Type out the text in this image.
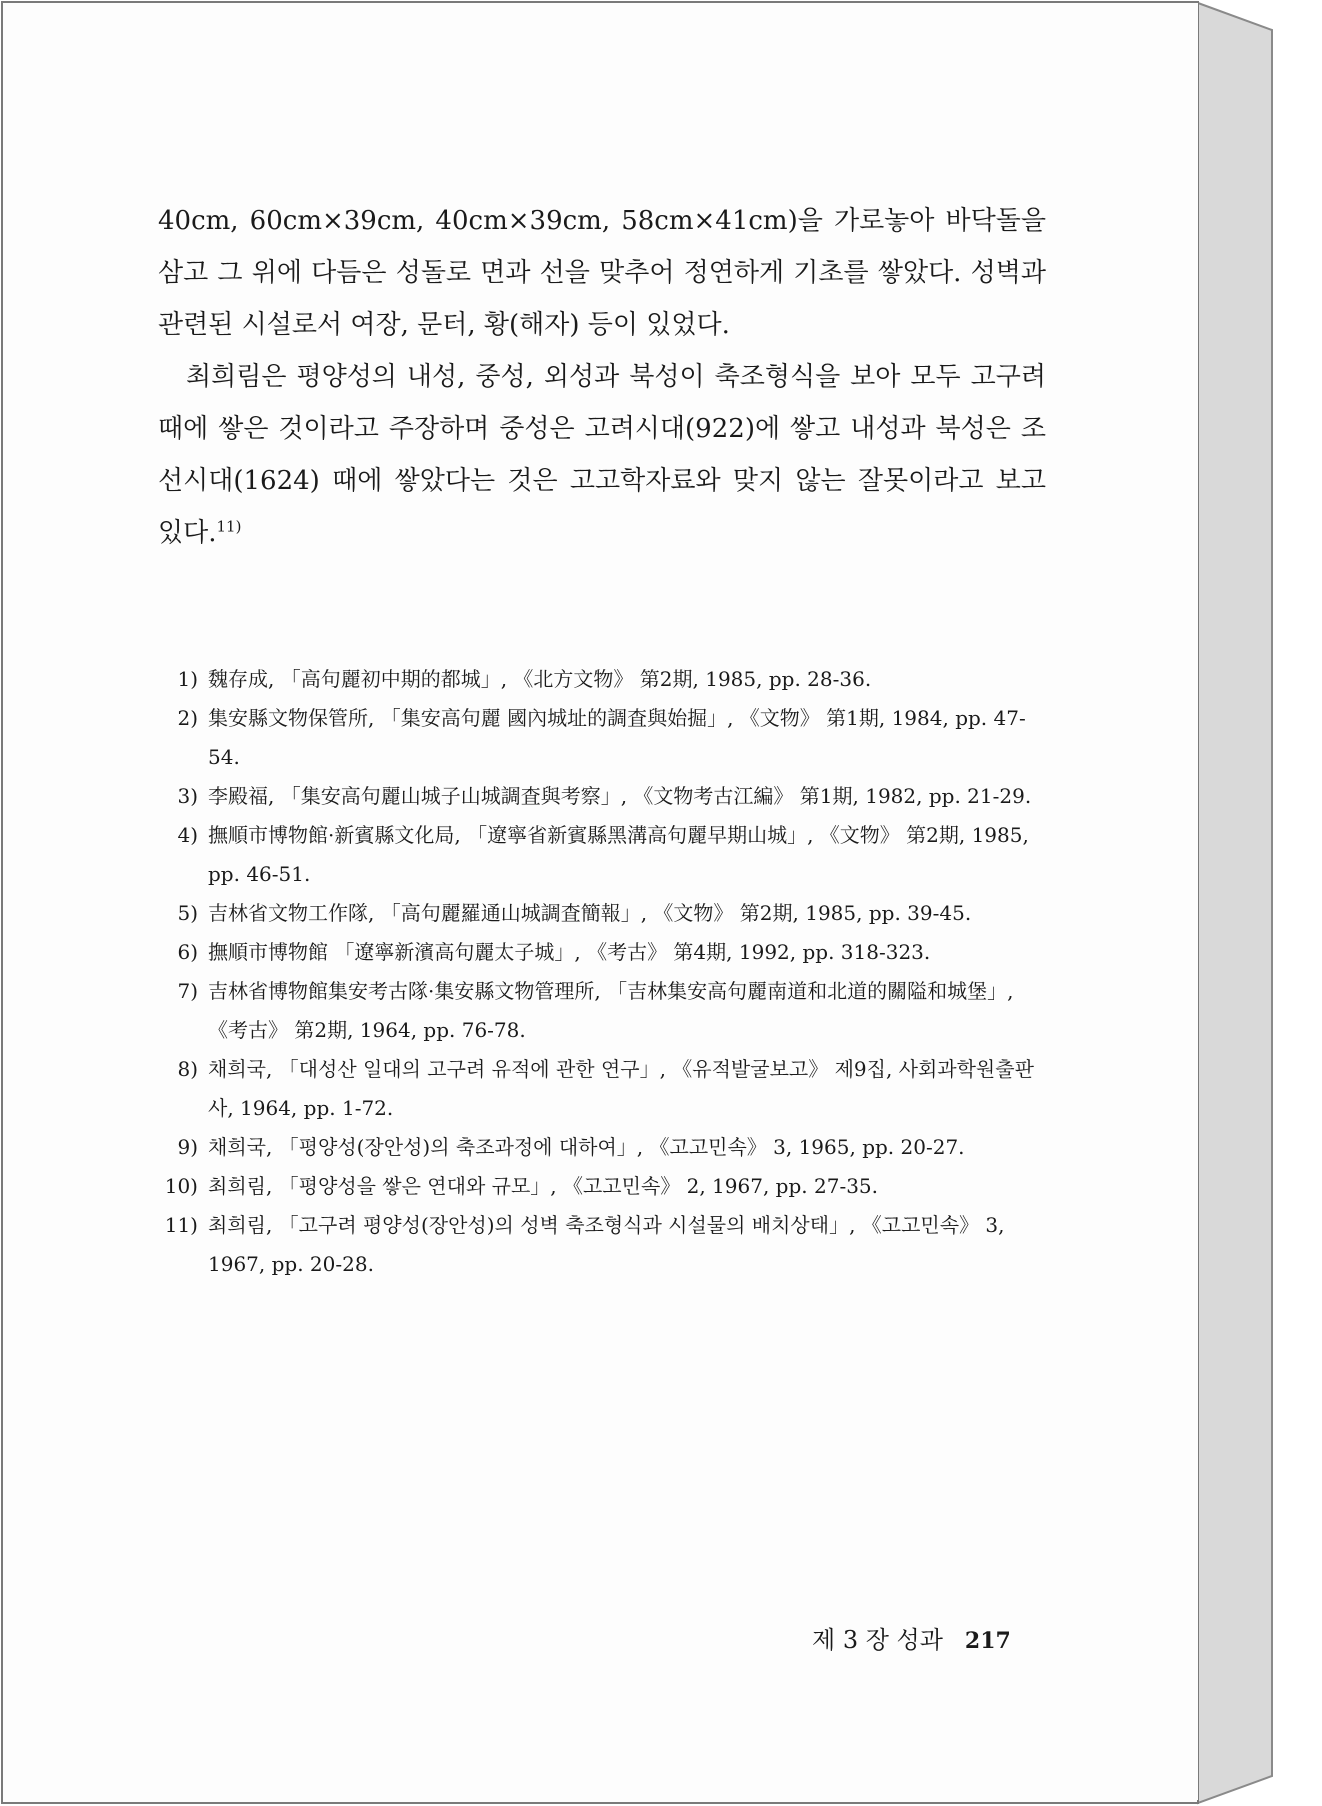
40cm, 60cm×39cm, 40cm×39cm, 58cm×41cm)을 가로놓아 바닥돌을 삼고 그 위에 다듬은 성돌로 면과 선을 맞추어 정연하게 기초를 쌓았다. 성벽과 관련된 시설로서 여장, 문터, 황(해자) 등이 있었다.

최희림은 평양성의 내성, 중성, 외성과 북성이 축조형식을 보아 모두 고구려 때에 쌓은 것이라고 주장하며 중성은 고려시대(922)에 쌓고 내성과 북성은 조선시대(1624) 때에 쌓았다는 것은 고고학자료와 맞지 않는 잘못이라고 보고 있다.$^{11)}$

1) 魏存成, 「高句麗初中期的都城」, 《北方文物》 第2期, 1985, pp. 28-36.
2) 集安縣文物保管所, 「集安高句麗 國內城址的調査與始掘」, 《文物》 第1期, 1984, pp. 47-54.
3) 李殿福, 「集安高句麗山城子山城調査與考察」, 《文物考古江編》 第1期, 1982, pp. 21-29.
4) 撫順市博物館·新賓縣文化局, 「遼寧省新賓縣黑溝高句麗早期山城」, 《文物》 第2期, 1985, pp. 46-51.
5) 吉林省文物工作隊, 「高句麗羅通山城調査簡報」, 《文物》 第2期, 1985, pp. 39-45.
6) 撫順市博物館 「遼寧新濱高句麗太子城」, 《考古》 第4期, 1992, pp. 318-323.
7) 吉林省博物館集安考古隊·集安縣文物管理所, 「吉林集安高句麗南道和北道的關隘和城堡」, 《考古》 第2期, 1964, pp. 76-78.
8) 채희국, 「대성산 일대의 고구려 유적에 관한 연구」, 《유적발굴보고》 제9집, 사회과학원출판사, 1964, pp. 1-72.
9) 채희국, 「평양성(장안성)의 축조과정에 대하여」, 《고고민속》 3, 1965, pp. 20-27.
10) 최희림, 「평양성을 쌓은 연대와 규모」, 《고고민속》 2, 1967, pp. 27-35.
11) 최희림, 「고구려 평양성(장안성)의 성벽 축조형식과 시설물의 배치상태」, 《고고민속》 3, 1967, pp. 20-28.
제 3 장 성과 217
